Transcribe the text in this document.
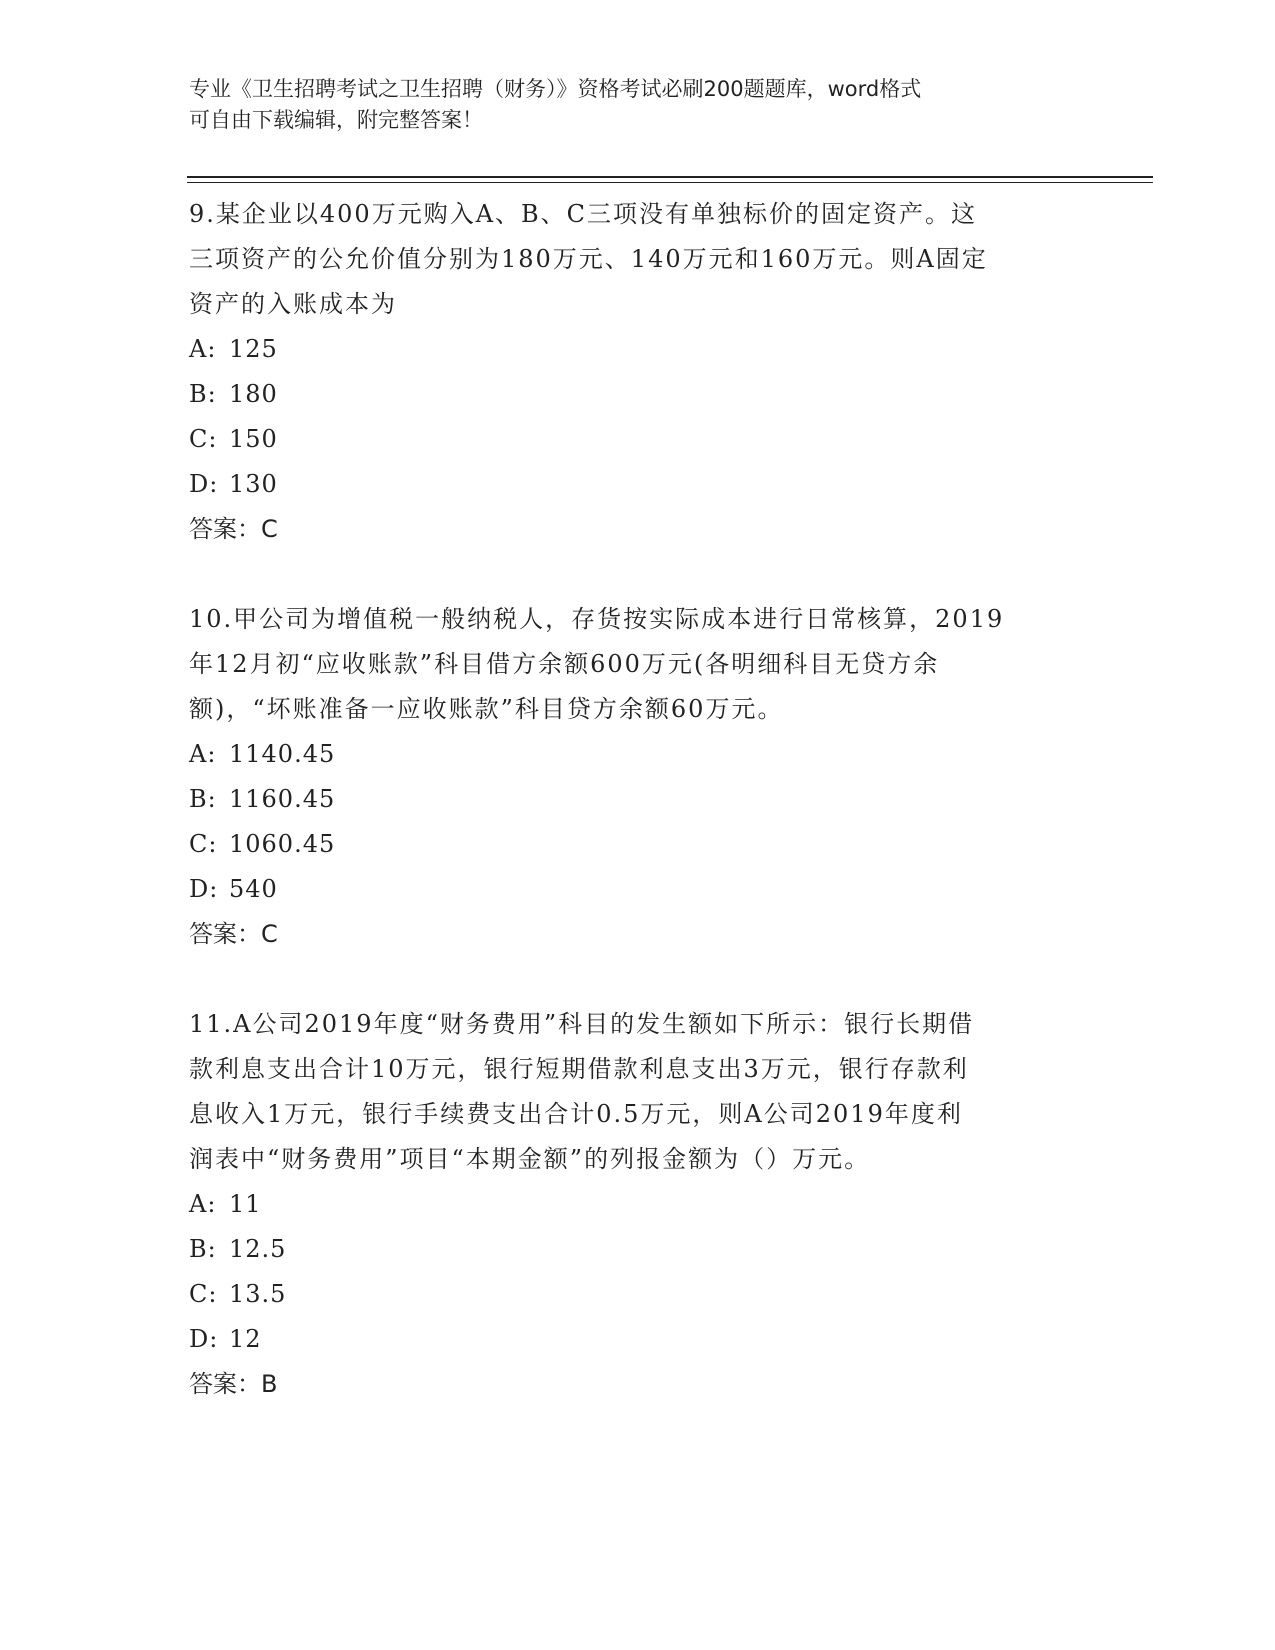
专业《卫生招聘考试之卫生招聘（财务）》资格考试必刷200题题库，word格式

可自由下载编辑，附完整答案！

9.某企业以400万元购入A、B、C三项没有单独标价的固定资产。这
三项资产的公允价值分别为180万元、140万元和160万元。则A固定
资产的入账成本为

A: 125

B: 180

C: 150

D: 130

答案：C

10.甲公司为增值税一般纳税人，存货按实际成本进行日常核算，2019
年12月初“应收账款”科目借方余额600万元(各明细科目无贷方余
额)，“坏账准备一应收账款”科目贷方余额60万元。

A: 1140.45

B: 1160.45

C: 1060.45

D: 540

答案：C

11.A公司2019年度“财务费用”科目的发生额如下所示：银行长期借
款利息支出合计10万元，银行短期借款利息支出3万元，银行存款利
息收入1万元，银行手续费支出合计0.5万元，则A公司2019年度利
润表中“财务费用”项目“本期金额”的列报金额为（）万元。

A: 11

B: 12.5

C: 13.5

D: 12

答案：B
